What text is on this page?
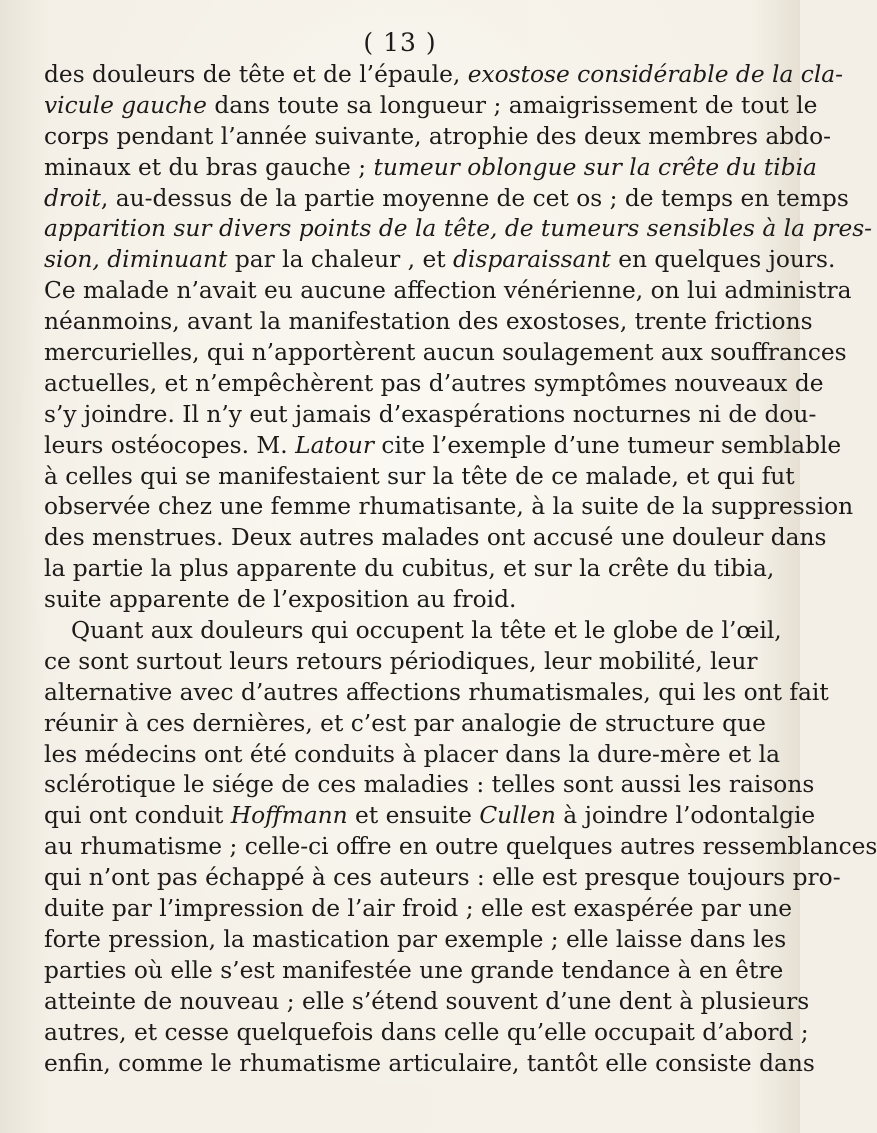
( 13 )
des douleurs de tête et de l’épaule, exostose considérable de la cla-
vicule gauche dans toute sa longueur ; amaigrissement de tout le
corps pendant l’année suivante, atrophie des deux membres abdo-
minaux et du bras gauche ; tumeur oblongue sur la crête du tibia
droit, au-dessus de la partie moyenne de cet os ; de temps en temps
apparition sur divers points de la tête, de tumeurs sensibles à la pres-
sion, diminuant par la chaleur , et disparaissant en quelques jours.
Ce malade n’avait eu aucune affection vénérienne, on lui administra
néanmoins, avant la manifestation des exostoses, trente frictions
mercurielles, qui n’apportèrent aucun soulagement aux souffrances
actuelles, et n’empêchèrent pas d’autres symptômes nouveaux de
s’y joindre. Il n’y eut jamais d’exaspérations nocturnes ni de dou-
leurs ostéocopes. M. Latour cite l’exemple d’une tumeur semblable
à celles qui se manifestaient sur la tête de ce malade, et qui fut
observée chez une femme rhumatisante, à la suite de la suppression
des menstrues. Deux autres malades ont accusé une douleur dans
la partie la plus apparente du cubitus, et sur la crête du tibia,
suite apparente de l’exposition au froid.
Quant aux douleurs qui occupent la tête et le globe de l’œil,
ce sont surtout leurs retours périodiques, leur mobilité, leur
alternative avec d’autres affections rhumatismales, qui les ont fait
réunir à ces dernières, et c’est par analogie de structure que
les médecins ont été conduits à placer dans la dure-mère et la
sclérotique le siége de ces maladies : telles sont aussi les raisons
qui ont conduit Hoffmann et ensuite Cullen à joindre l’odontalgie
au rhumatisme ; celle-ci offre en outre quelques autres ressemblances
qui n’ont pas échappé à ces auteurs : elle est presque toujours pro-
duite par l’impression de l’air froid ; elle est exaspérée par une
forte pression, la mastication par exemple ; elle laisse dans les
parties où elle s’est manifestée une grande tendance à en être
atteinte de nouveau ; elle s’étend souvent d’une dent à plusieurs
autres, et cesse quelquefois dans celle qu’elle occupait d’abord ;
enfin, comme le rhumatisme articulaire, tantôt elle consiste dans
